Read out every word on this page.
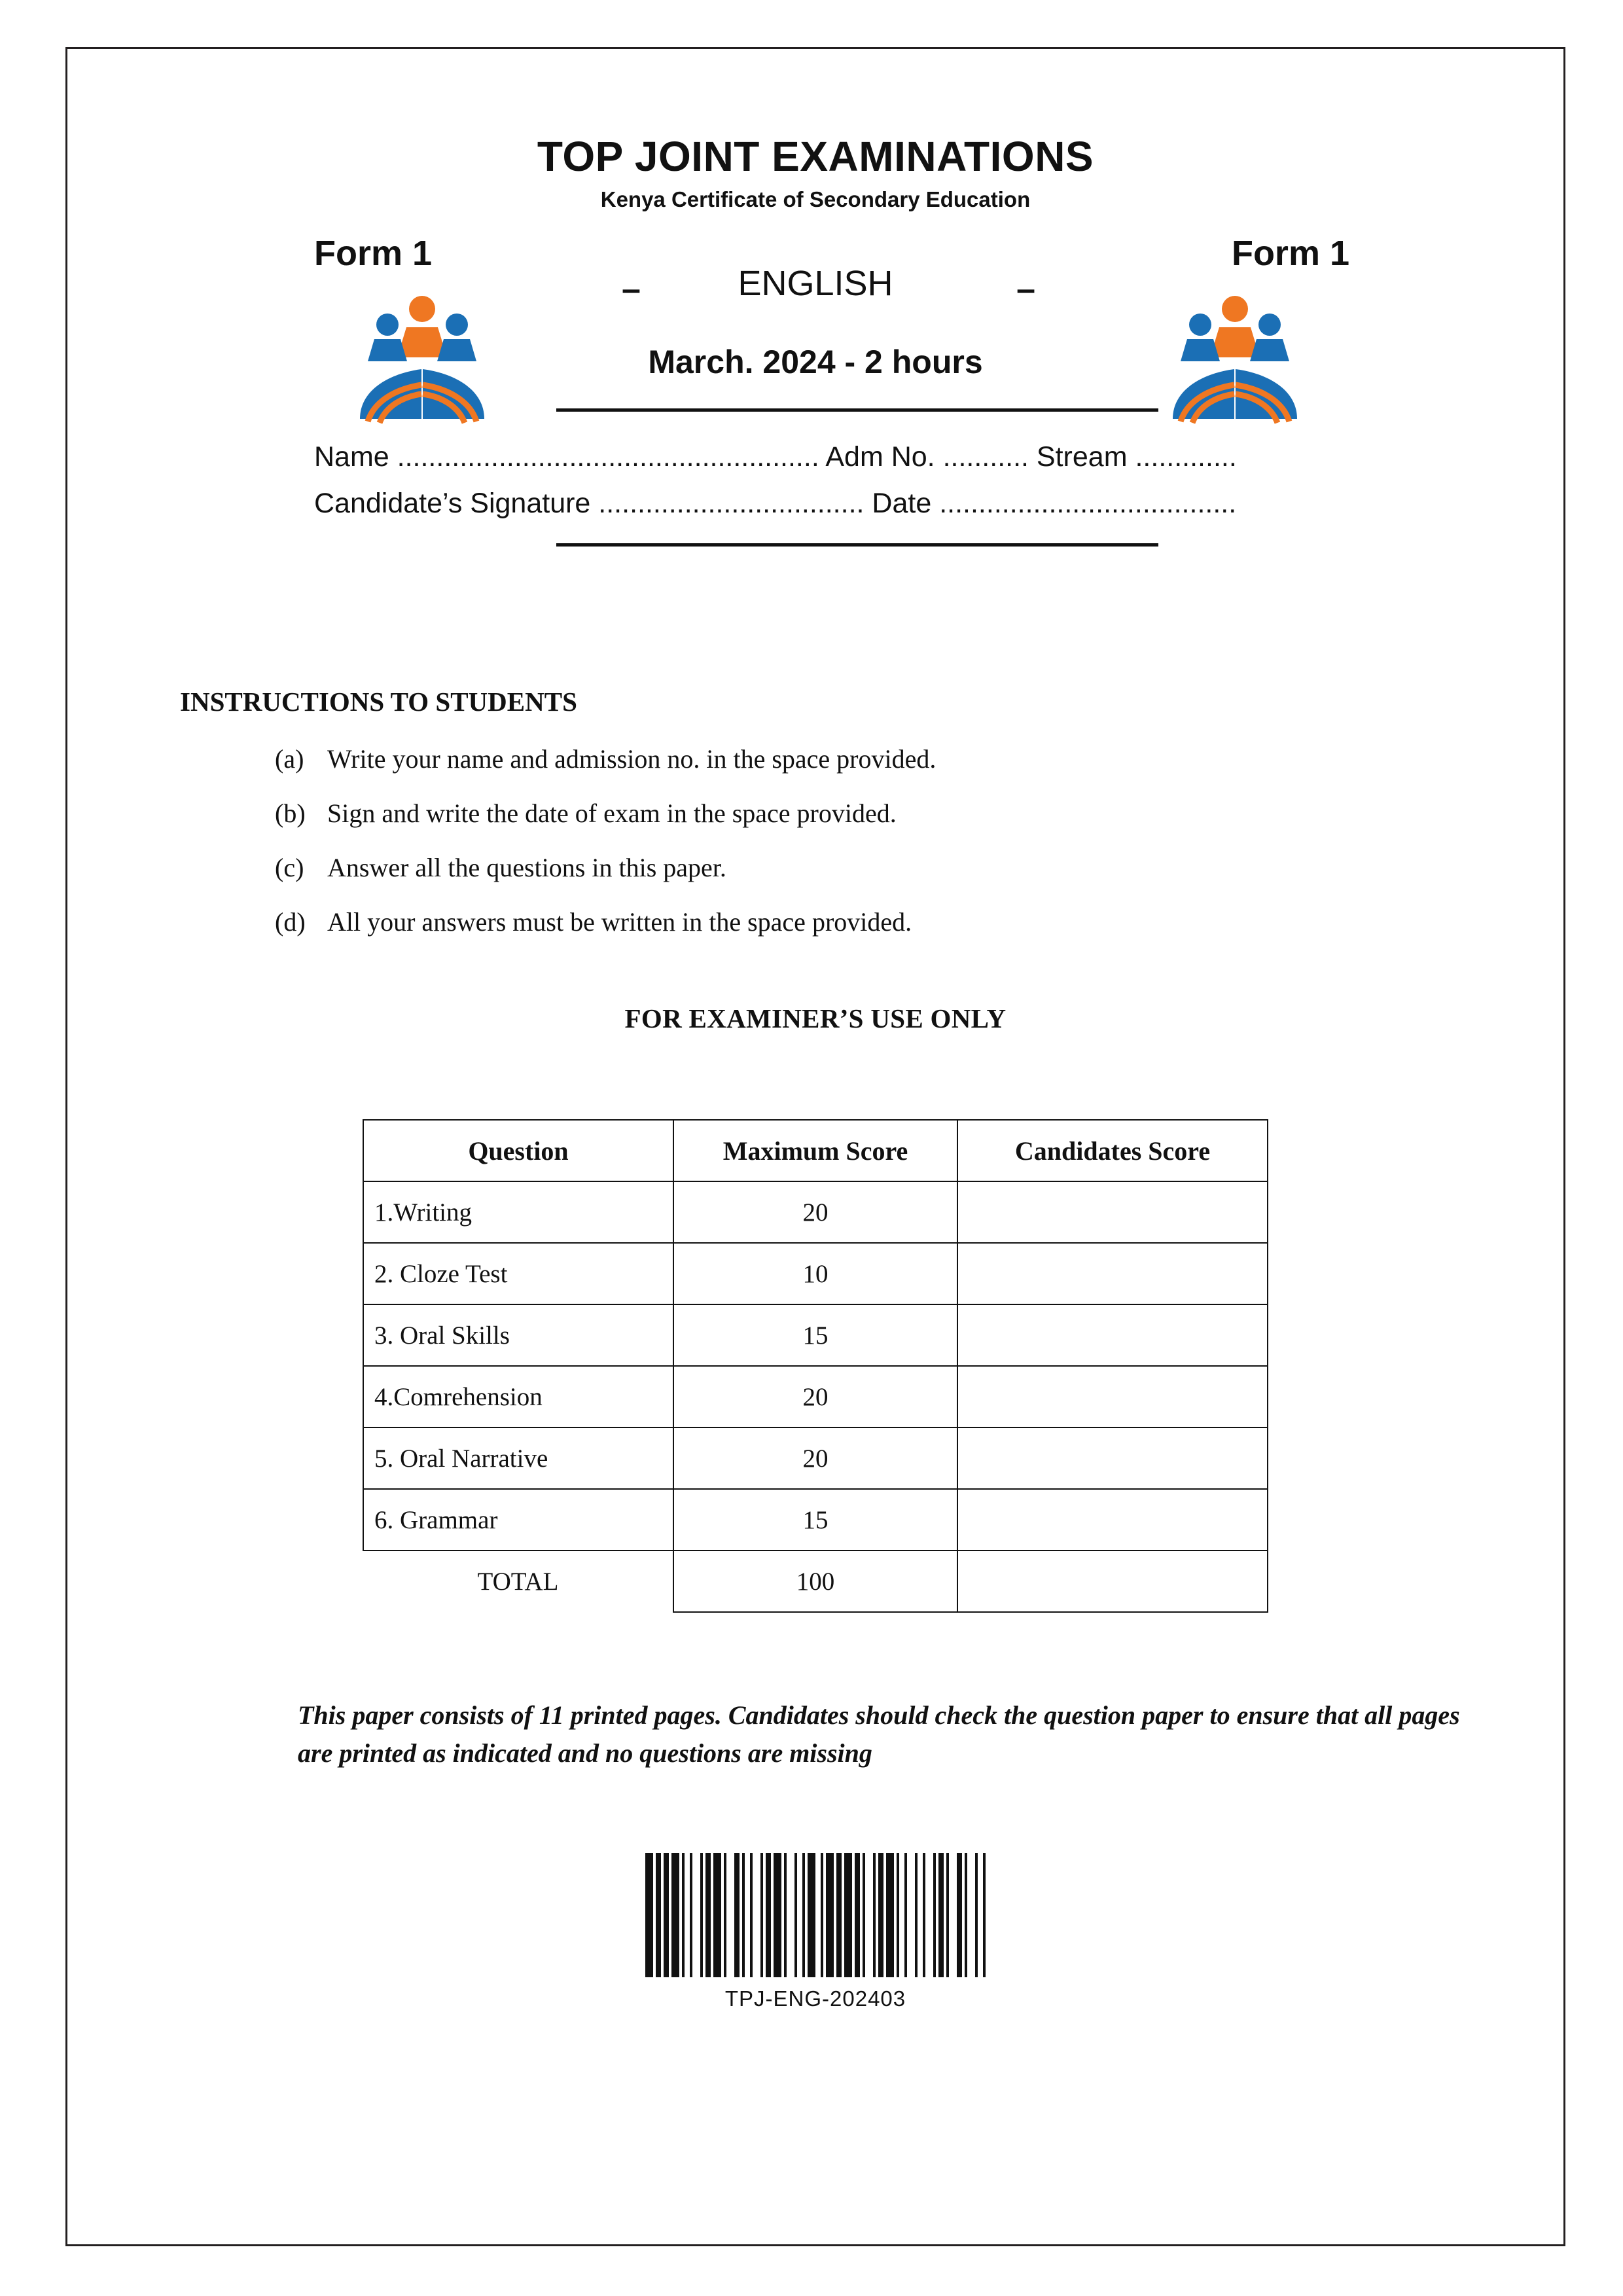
TOP JOINT EXAMINATIONS
Kenya Certificate of Secondary Education
Form 1	Form 1
–	–
ENGLISH
March. 2024 - 2 hours
Name ...................................................... Adm No. ........... Stream .............
Candidate’s Signature .................................. Date ......................................
INSTRUCTIONS TO STUDENTS
(a) Write your name and admission no. in the space provided.
(b) Sign and write the date of exam in the space provided.
(c) Answer all the questions in this paper.
(d) All your answers must be written in the space provided.
FOR EXAMINER’S USE ONLY
Question	Maximum Score	Candidates Score
1.Writing	20	
2. Cloze Test	10	
3. Oral Skills	15	
4.Comrehension	20	
5. Oral Narrative	20	
6. Grammar	15	
TOTAL	100	
This paper consists of 11 printed pages. Candidates should check the question paper to ensure that all pages are printed as indicated and no questions are missing
TPJ-ENG-202403
